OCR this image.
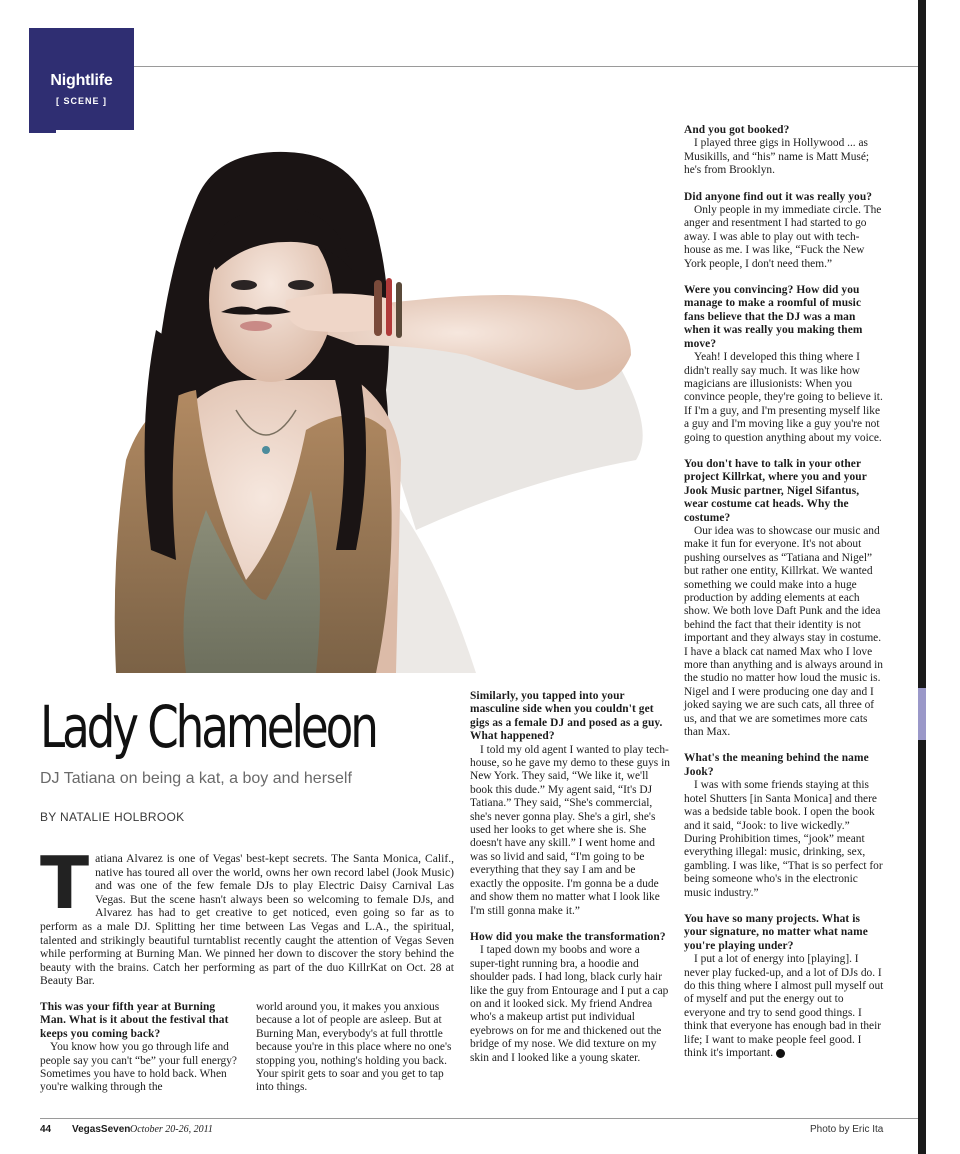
Nightlife
[ SCENE ]
Lady Chameleon
DJ Tatiana on being a kat, a boy and herself
BY NATALIE HOLBROOK
Tatiana Alvarez is one of Vegas' best-kept secrets. The Santa Monica, Calif., native has toured all over the world, owns her own record label (Jook Music) and was one of the few female DJs to play Electric Daisy Carnival Las Vegas. But the scene hasn't always been so welcoming to female DJs, and Alvarez has had to get creative to get noticed, even going so far as to perform as a male DJ. Splitting her time between Las Vegas and L.A., the spiritual, talented and strikingly beautiful turntablist recently caught the attention of Vegas Seven while performing at Burning Man. We pinned her down to discover the story behind the beauty with the brains. Catch her performing as part of the duo KillrKat on Oct. 28 at Beauty Bar.

This was your fifth year at Burning Man. What is it about the festival that keeps you coming back?

You know how you go through life and people say you can't “be” your full energy? Sometimes you have to hold back. When you're walking through the

world around you, it makes you anxious because a lot of people are asleep. But at Burning Man, everybody's at full throttle because you're in this place where no one's stopping you, nothing's holding you back. Your spirit gets to soar and you get to tap into things.

Similarly, you tapped into your masculine side when you couldn't get gigs as a female DJ and posed as a guy. What happened?

I told my old agent I wanted to play tech-house, so he gave my demo to these guys in New York. They said, “We like it, we'll book this dude.” My agent said, “It's DJ Tatiana.” They said, “She's commercial, she's never gonna play. She's a girl, she's used her looks to get where she is. She doesn't have any skill.” I went home and was so livid and said, “I'm going to be everything that they say I am and be exactly the opposite. I'm gonna be a dude and show them no matter what I look like I'm still gonna make it.”

How did you make the transformation?

I taped down my boobs and wore a super-tight running bra, a hoodie and shoulder pads. I had long, black curly hair like the guy from Entourage and I put a cap on and it looked sick. My friend Andrea who's a makeup artist put individual eyebrows on for me and thickened out the bridge of my nose. We did texture on my skin and I looked like a young skater.

And you got booked?

I played three gigs in Hollywood ... as Musikills, and “his” name is Matt Musé; he's from Brooklyn.

Did anyone find out it was really you?

Only people in my immediate circle. The anger and resentment I had started to go away. I was able to play out with tech-house as me. I was like, “Fuck the New York people, I don't need them.”

Were you convincing? How did you manage to make a roomful of music fans believe that the DJ was a man when it was really you making them move?

Yeah! I developed this thing where I didn't really say much. It was like how magicians are illusionists: When you convince people, they're going to believe it. If I'm a guy, and I'm presenting myself like a guy and I'm moving like a guy you're not going to question anything about my voice.

You don't have to talk in your other project Killrkat, where you and your Jook Music partner, Nigel Sifantus, wear costume cat heads. Why the costume?

Our idea was to showcase our music and make it fun for everyone. It's not about pushing ourselves as “Tatiana and Nigel” but rather one entity, Killrkat. We wanted something we could make into a huge production by adding elements at each show. We both love Daft Punk and the idea behind the fact that their identity is not important and they always stay in costume. I have a black cat named Max who I love more than anything and is always around in the studio no matter how loud the music is. Nigel and I were producing one day and I joked saying we are such cats, all three of us, and that we are sometimes more cats than Max.

What's the meaning behind the name Jook?

I was with some friends staying at this hotel Shutters [in Santa Monica] and there was a bedside table book. I open the book and it said, “Jook: to live wickedly.” During Prohibition times, “jook” meant everything illegal: music, drinking, sex, gambling. I was like, “That is so perfect for being someone who's in the electronic music industry.”

You have so many projects. What is your signature, no matter what name you're playing under?

I put a lot of energy into [playing]. I never play fucked-up, and a lot of DJs do. I do this thing where I almost pull myself out of myself and put the energy out to everyone and try to send good things. I think that everyone has enough bad in their life; I want to make people feel good. I think it's important.

44 VegasSeven October 20-26, 2011	Photo by Eric Ita
